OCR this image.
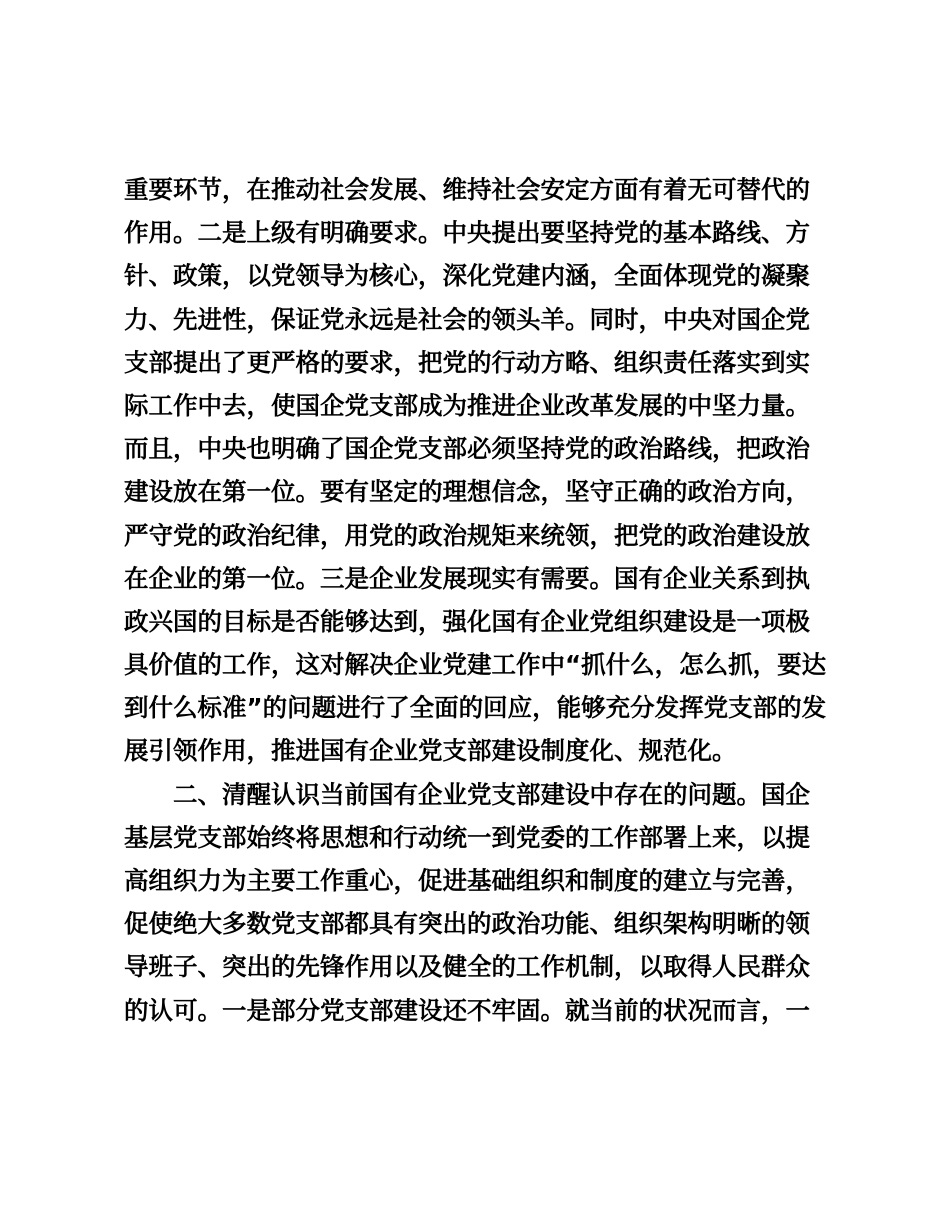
重要环节，在推动社会发展、维持社会安定方面有着无可替代的
作用。二是上级有明确要求。中央提出要坚持党的基本路线、方
针、政策，以党领导为核心，深化党建内涵，全面体现党的凝聚
力、先进性，保证党永远是社会的领头羊。同时，中央对国企党
支部提出了更严格的要求，把党的行动方略、组织责任落实到实
际工作中去，使国企党支部成为推进企业改革发展的中坚力量。
而且，中央也明确了国企党支部必须坚持党的政治路线，把政治
建设放在第一位。要有坚定的理想信念，坚守正确的政治方向，
严守党的政治纪律，用党的政治规矩来统领，把党的政治建设放
在企业的第一位。三是企业发展现实有需要。国有企业关系到执
政兴国的目标是否能够达到，强化国有企业党组织建设是一项极
具价值的工作，这对解决企业党建工作中“抓什么，怎么抓，要达
到什么标准”的问题进行了全面的回应，能够充分发挥党支部的发
展引领作用，推进国有企业党支部建设制度化、规范化。
二、清醒认识当前国有企业党支部建设中存在的问题。国企
基层党支部始终将思想和行动统一到党委的工作部署上来，以提
高组织力为主要工作重心，促进基础组织和制度的建立与完善，
促使绝大多数党支部都具有突出的政治功能、组织架构明晰的领
导班子、突出的先锋作用以及健全的工作机制，以取得人民群众
的认可。一是部分党支部建设还不牢固。就当前的状况而言，一
